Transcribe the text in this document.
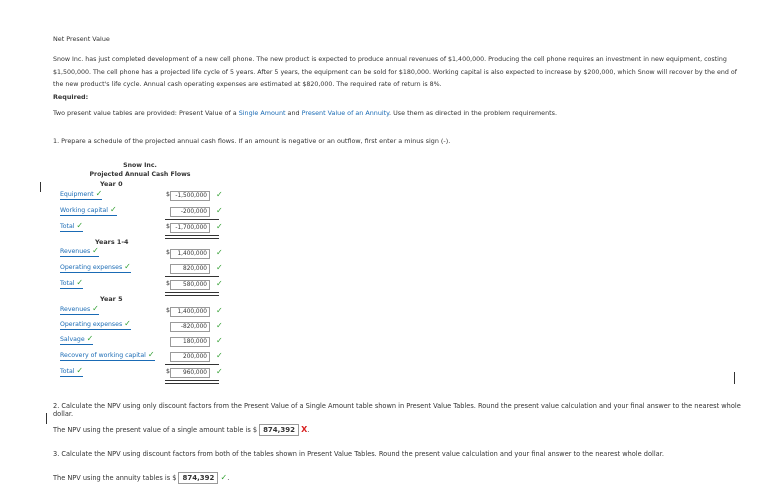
Net Present Value
Snow Inc. has just completed development of a new cell phone. The new product is expected to produce annual revenues of $1,400,000. Producing the cell phone requires an investment in new equipment, costing $1,500,000. The cell phone has a projected life cycle of 5 years. After 5 years, the equipment can be sold for $180,000. Working capital is also expected to increase by $200,000, which Snow will recover by the end of the new product's life cycle. Annual cash operating expenses are estimated at $820,000. The required rate of return is 8%.
Required:
Two present value tables are provided: Present Value of a Single Amount and Present Value of an Annuity. Use them as directed in the problem requirements.
1. Prepare a schedule of the projected annual cash flows. If an amount is negative or an outflow, first enter a minus sign (-).
Snow Inc.
Projected Annual Cash Flows
Year 0
Equipment ✓	$ -1,500,000	✓
Working capital ✓	-200,000	✓
Total ✓	$ -1,700,000	✓
Years 1-4
Revenues ✓	$	1,400,000	✓
Operating expenses ✓	820,000	✓
Total ✓	$	580,000	✓
Year 5
Revenues ✓	$	1,400,000	✓
Operating expenses ✓	-820,000	✓
Salvage ✓	180,000	✓
Recovery of working capital ✓	200,000	✓
Total ✓	$	960,000	✓
2. Calculate the NPV using only discount factors from the Present Value of a Single Amount table shown in Present Value Tables. Round the present value calculation and your final answer to the nearest whole dollar.
The NPV using the present value of a single amount table is $ 874,392 X.
3. Calculate the NPV using discount factors from both of the tables shown in Present Value Tables. Round the present value calculation and your final answer to the nearest whole dollar.
The NPV using the annuity tables is $ 874,392 ✓.
